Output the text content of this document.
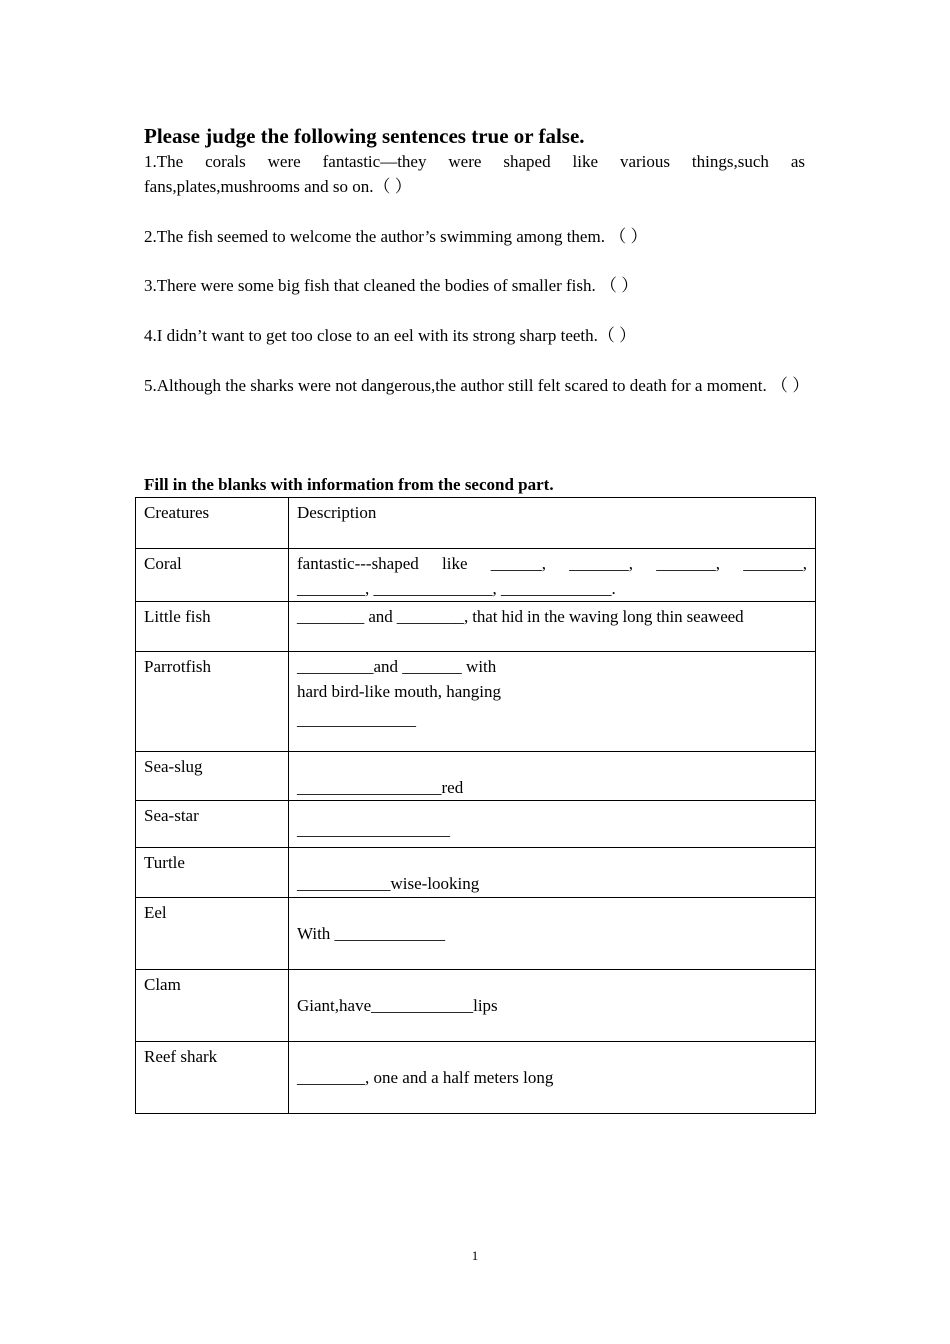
Please judge the following sentences true or false.

1.The corals were fantastic—they were shaped like various things,such as fans,plates,mushrooms and so on.（ ）

2.The fish seemed to welcome the author’s swimming among them. （ ）

3.There were some big fish that cleaned the bodies of smaller fish. （ ）

4.I didn’t want to get too close to an eel with its strong sharp teeth.（ ）

5.Although the sharks were not dangerous,the author still felt scared to death for a moment. （ ）

Fill in the blanks with information from the second part.
Creatures	Description
Coral	fantastic---shaped like ______, _______, _______, _______,
________, ______________, _____________.

Little fish	________ and ________, that hid in the waving long thin seaweed

Parrotfish	_________and _______ with
hard bird-like mouth, hanging
______________

Sea-slug	_________________red

Sea-star	__________________

Turtle	___________wise-looking

Eel	With _____________

Clam	Giant,have____________lips

Reef shark	________, one and a half meters long
1
